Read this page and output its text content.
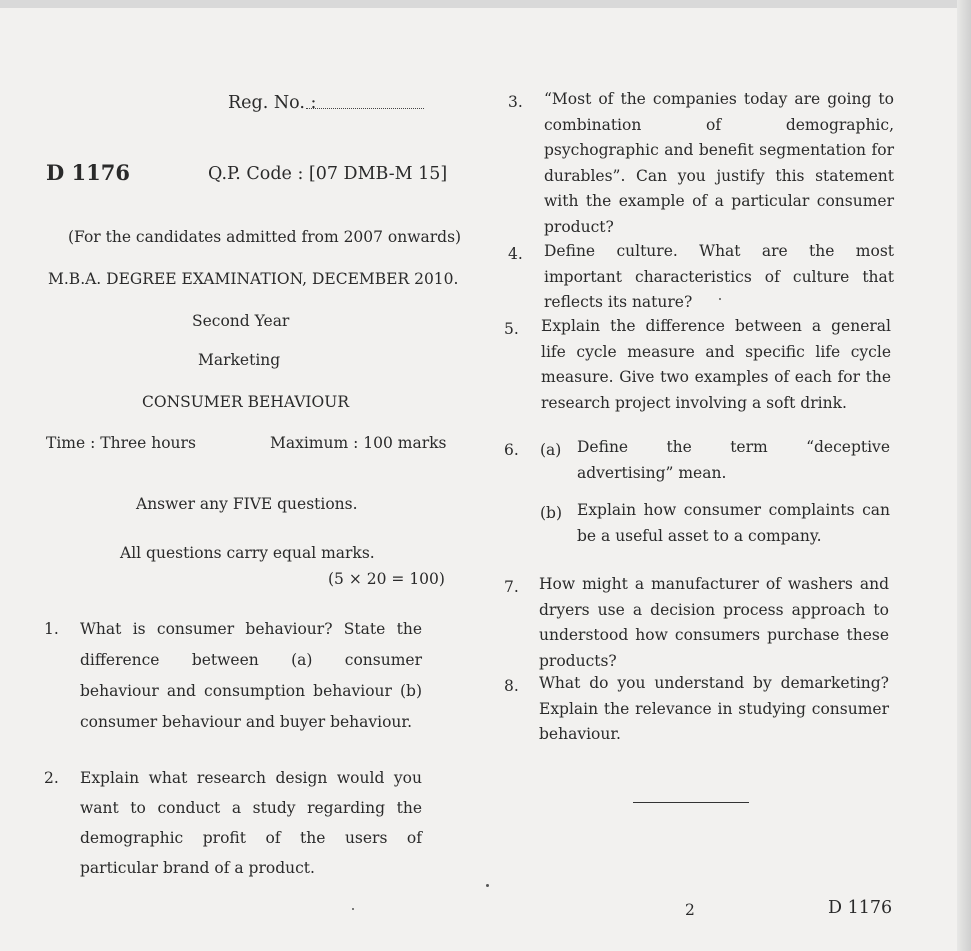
Reg. No. :
D 1176	Q.P. Code : [07 DMB-M 15]
(For the candidates admitted from 2007 onwards)
M.B.A. DEGREE EXAMINATION, DECEMBER 2010.
Second Year
Marketing
CONSUMER BEHAVIOUR
Time : Three hours	Maximum : 100 marks
Answer any FIVE questions.
All questions carry equal marks.
(5 × 20 = 100)
1. What is consumer behaviour? State the difference between (a) consumer behaviour and consumption behaviour (b) consumer behaviour and buyer behaviour.
2. Explain what research design would you want to conduct a study regarding the demographic profit of the users of particular brand of a product.
3. “Most of the companies today are going to combination of demographic, psychographic and benefit segmentation for durables”. Can you justify this statement with the example of a particular consumer product?
4. Define culture. What are the most important characteristics of culture that reflects its nature?
5. Explain the difference between a general life cycle measure and specific life cycle measure. Give two examples of each for the research project involving a soft drink.
6. (a) Define the term “deceptive advertising” mean.
(b) Explain how consumer complaints can be a useful asset to a company.
7. How might a manufacturer of washers and dryers use a decision process approach to understood how consumers purchase these products?
8. What do you understand by demarketing? Explain the relevance in studying consumer behaviour.
2	D 1176
